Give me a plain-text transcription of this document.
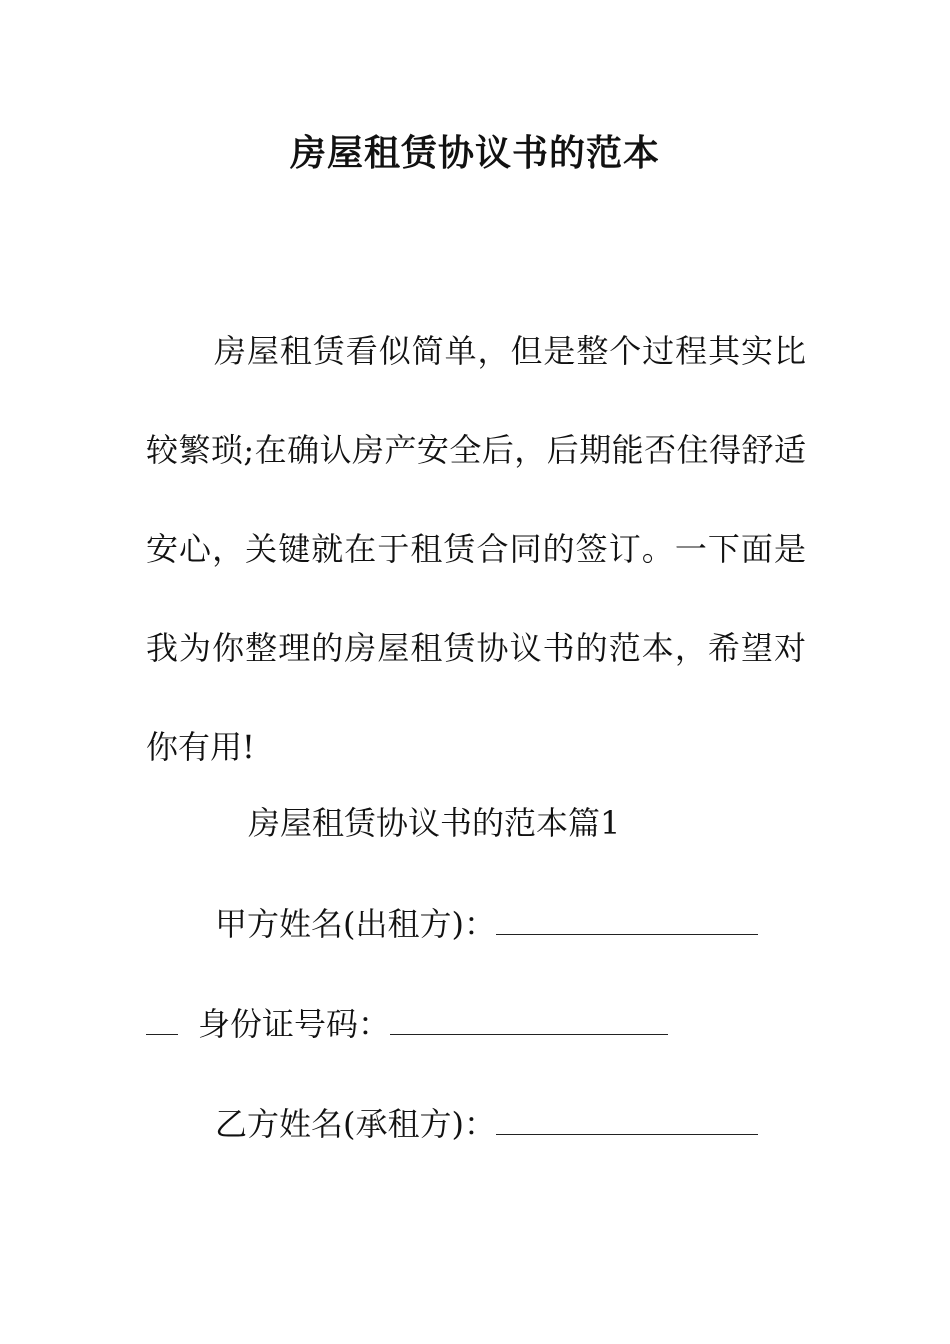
房屋租赁协议书的范本
房屋租赁看似简单，但是整个过程其实比较繁琐;在确认房产安全后，后期能否住得舒适安心，关键就在于租赁合同的签订。一下面是我为你整理的房屋租赁协议书的范本，希望对你有用!
房屋租赁协议书的范本篇1
甲方姓名(出租方)：
身份证号码：
乙方姓名(承租方)：
